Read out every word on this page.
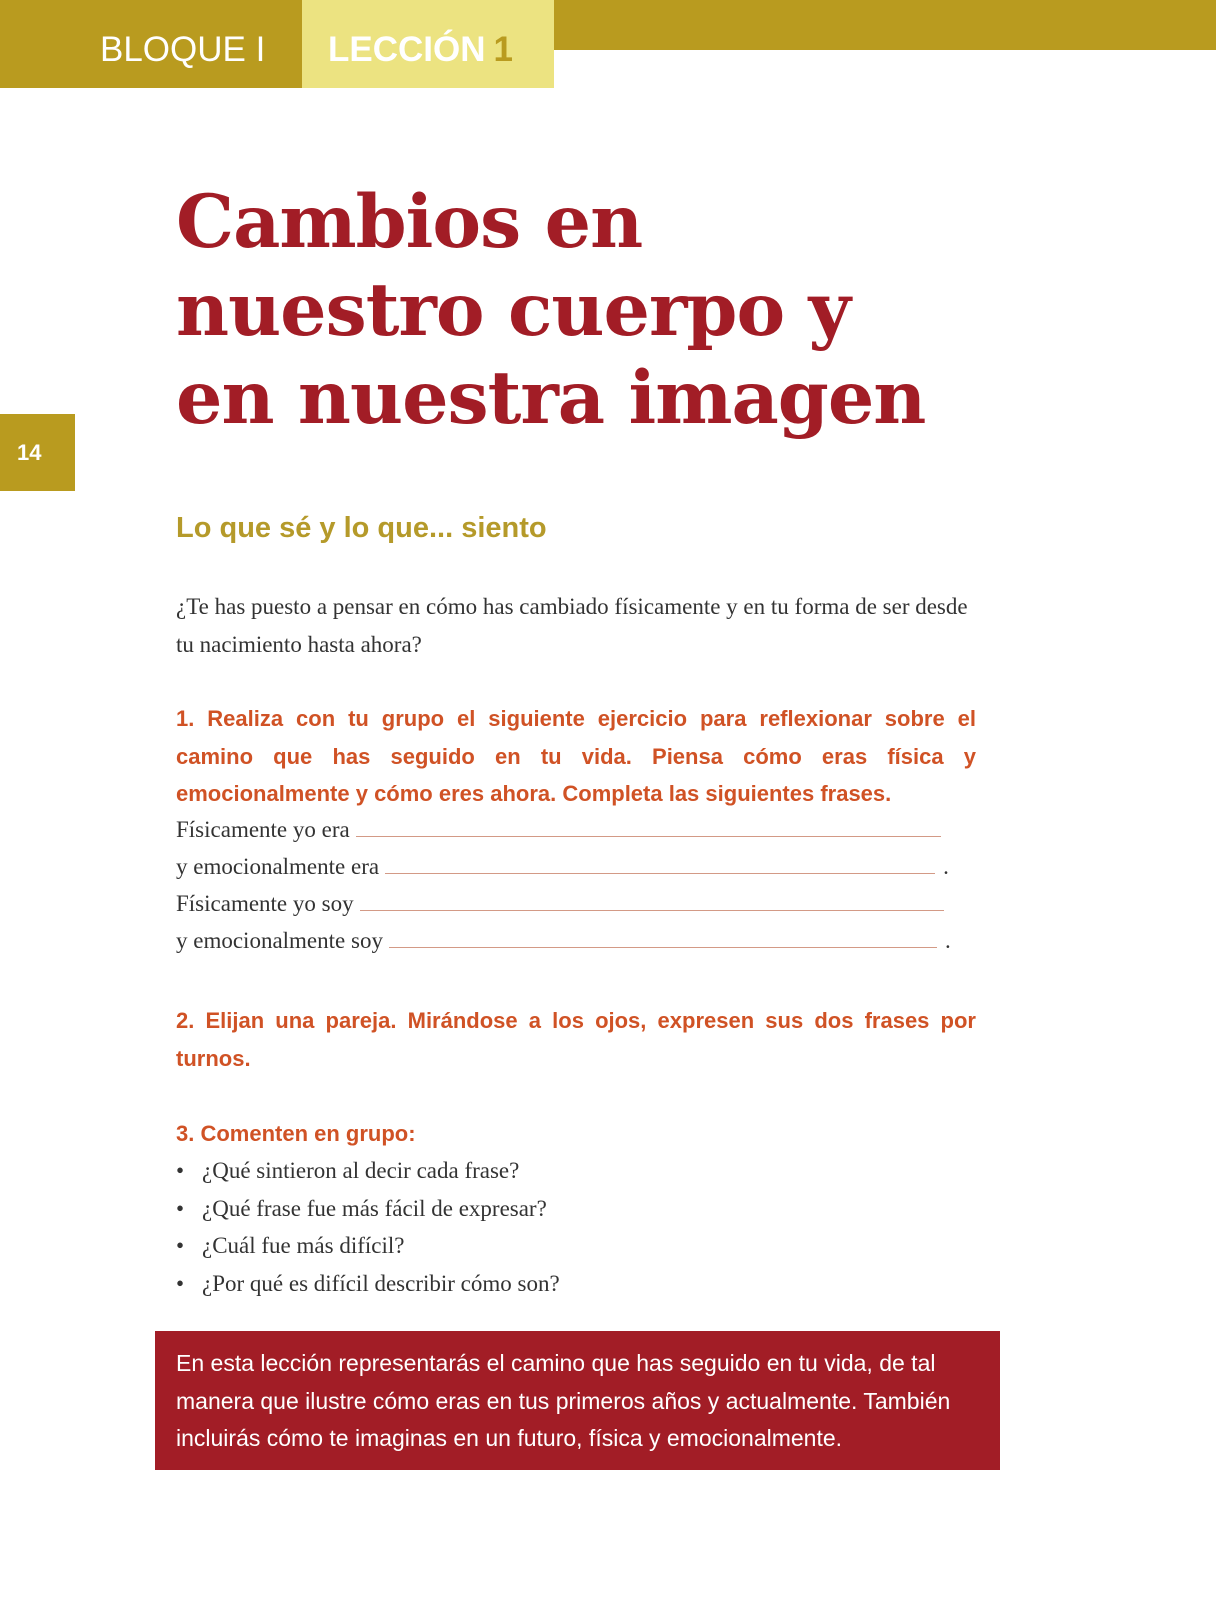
BLOQUE I	LECCIÓN 1
14
Cambios en nuestro cuerpo y en nuestra imagen
Lo que sé y lo que... siento

¿Te has puesto a pensar en cómo has cambiado físicamente y en tu forma de ser desde tu nacimiento hasta ahora?

1. Realiza con tu grupo el siguiente ejercicio para reflexionar sobre el camino que has seguido en tu vida. Piensa cómo eras física y emocionalmente y cómo eres ahora. Completa las siguientes frases.

Físicamente yo era
y emocionalmente era	.
Físicamente yo soy
y emocionalmente soy	.

2. Elijan una pareja. Mirándose a los ojos, expresen sus dos frases por turnos.

3. Comenten en grupo:

• ¿Qué sintieron al decir cada frase?
• ¿Qué frase fue más fácil de expresar?
• ¿Cuál fue más difícil?
• ¿Por qué es difícil describir cómo son?
En esta lección representarás el camino que has seguido en tu vida, de tal manera que ilustre cómo eras en tus primeros años y actualmente. También incluirás cómo te imaginas en un futuro, física y emocionalmente.
